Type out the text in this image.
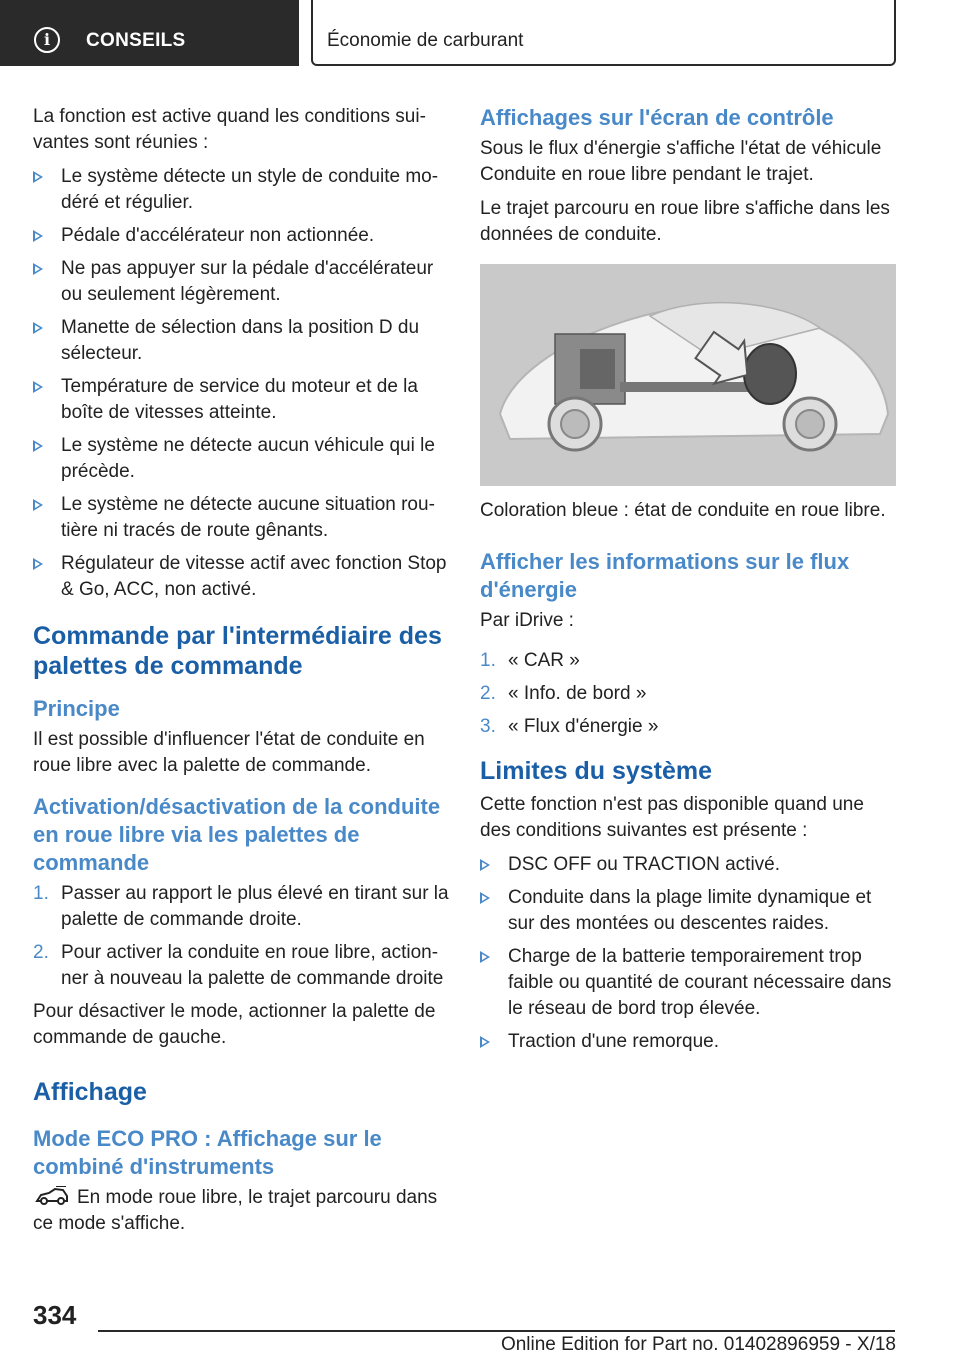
i	CONSEILS	Économie de carburant

La fonction est active quand les conditions sui-vantes sont réunies :

Le système détecte un style de conduite mo-déré et régulier.
Pédale d'accélérateur non actionnée.
Ne pas appuyer sur la pédale d'accélérateur ou seulement légèrement.
Manette de sélection dans la position D du sélecteur.
Température de service du moteur et de la boîte de vitesses atteinte.
Le système ne détecte aucun véhicule qui le précède.
Le système ne détecte aucune situation rou-tière ni tracés de route gênants.
Régulateur de vitesse actif avec fonction Stop & Go, ACC, non activé.
Commande par l'intermédiaire des palettes de commande
Principe

Il est possible d'influencer l'état de conduite en roue libre avec la palette de commande.

Activation/désactivation de la conduite en roue libre via les palettes de commande
1. Passer au rapport le plus élevé en tirant sur la palette de commande droite.
2. Pour activer la conduite en roue libre, action-ner à nouveau la palette de commande droite

Pour désactiver le mode, actionner la palette de commande de gauche.

Affichage
Mode ECO PRO : Affichage sur le combiné d'instruments

En mode roue libre, le trajet parcouru dans ce mode s'affiche.

Affichages sur l'écran de contrôle

Sous le flux d'énergie s'affiche l'état de véhicule Conduite en roue libre pendant le trajet.

Le trajet parcouru en roue libre s'affiche dans les données de conduite.

Coloration bleue : état de conduite en roue libre.

Afficher les informations sur le flux d'énergie

Par iDrive :

1. « CAR »
2. « Info. de bord »
3. « Flux d'énergie »
Limites du système

Cette fonction n'est pas disponible quand une des conditions suivantes est présente :

DSC OFF ou TRACTION activé.
Conduite dans la plage limite dynamique et sur des montées ou descentes raides.
Charge de la batterie temporairement trop faible ou quantité de courant nécessaire dans le réseau de bord trop élevée.
Traction d'une remorque.
334
Online Edition for Part no. 01402896959 - X/18
